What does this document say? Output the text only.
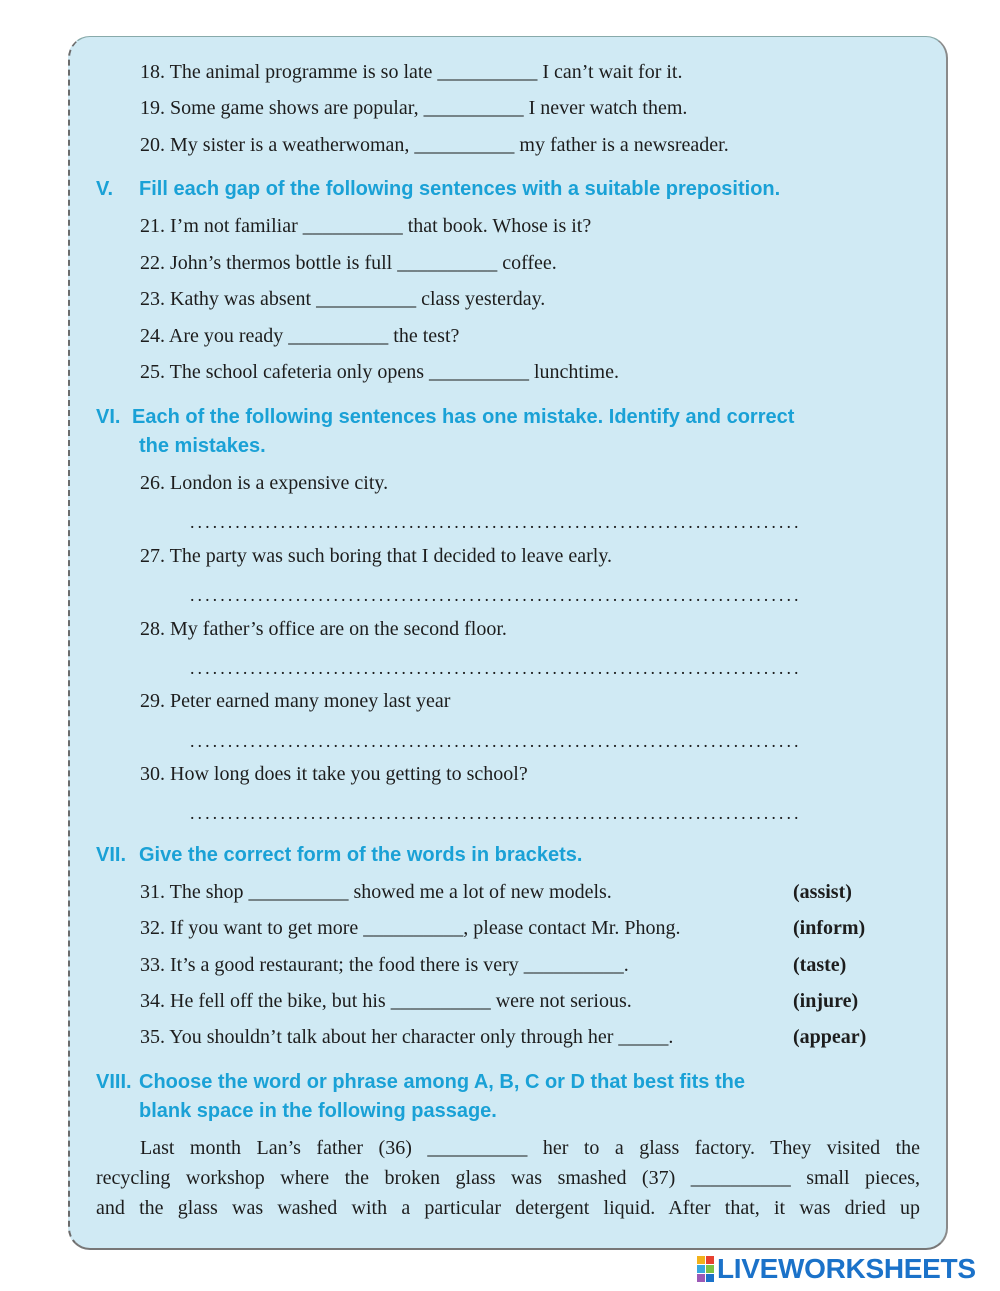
18. The animal programme is so late __________ I can’t wait for it.
19. Some game shows are popular, __________ I never watch them.
20. My sister is a weatherwoman, __________ my father is a newsreader.
V. Fill each gap of the following sentences with a suitable preposition.
21. I’m not familiar __________ that book. Whose is it?
22. John’s thermos bottle is full __________ coffee.
23. Kathy was absent __________ class yesterday.
24. Are you ready __________ the test?
25. The school cafeteria only opens __________ lunchtime.
VI. Each of the following sentences has one mistake. Identify and correct
the mistakes.
26. London is a expensive city.
.................................................................................
27. The party was such boring that I decided to leave early.
.................................................................................
28. My father’s office are on the second floor.
.................................................................................
29. Peter earned many money last year
.................................................................................
30. How long does it take you getting to school?
.................................................................................
VII. Give the correct form of the words in brackets.
31. The shop __________ showed me a lot of new models.	(assist)
32. If you want to get more __________, please contact Mr. Phong.	(inform)
33. It’s a good restaurant; the food there is very __________.	(taste)
34. He fell off the bike, but his __________ were not serious.	(injure)
35. You shouldn’t talk about her character only through her _____.	(appear)
VIII. Choose the word or phrase among A, B, C or D that best fits the
blank space in the following passage.
Last month Lan’s father (36) __________ her to a glass factory. They visited the
recycling workshop where the broken glass was smashed (37) __________ small pieces,
and the glass was washed with a particular detergent liquid. After that, it was dried up
LIVEWORKSHEETS
